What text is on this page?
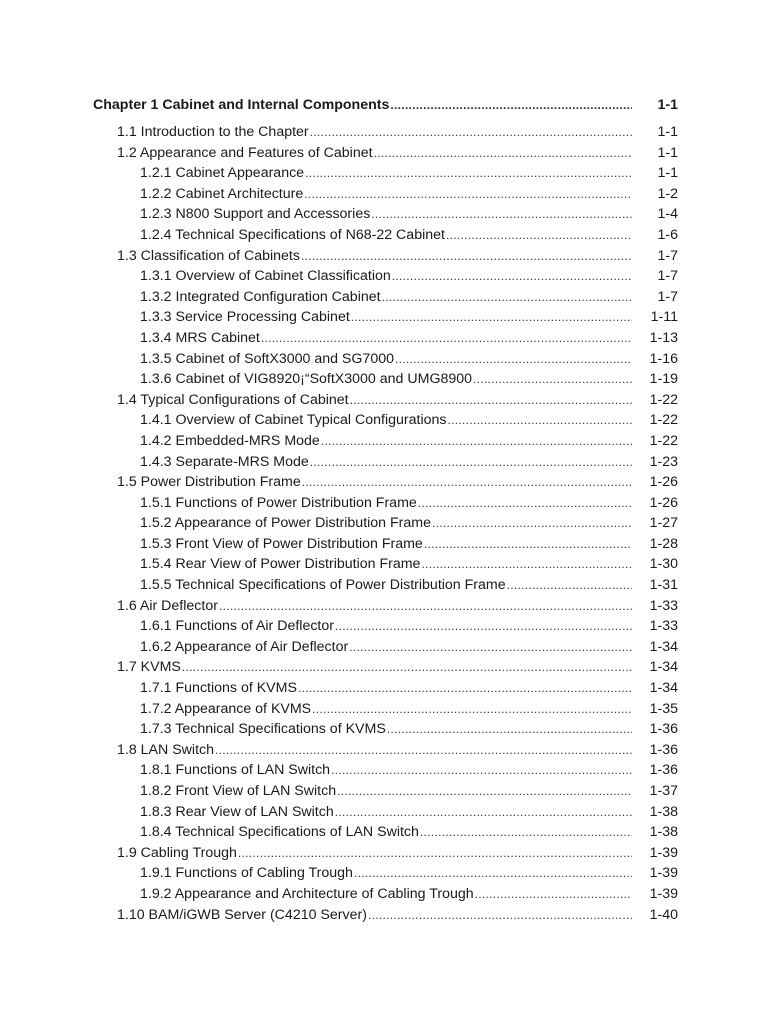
Chapter 1 Cabinet and Internal Components .....	1-1
1.1 Introduction to the Chapter .....	1-1
1.2 Appearance and Features of Cabinet .....	1-1
1.2.1 Cabinet Appearance .....	1-1
1.2.2 Cabinet Architecture .....	1-2
1.2.3 N800 Support and Accessories .....	1-4
1.2.4 Technical Specifications of N68-22 Cabinet .....	1-6
1.3 Classification of Cabinets .....	1-7
1.3.1 Overview of Cabinet Classification .....	1-7
1.3.2 Integrated Configuration Cabinet .....	1-7
1.3.3 Service Processing Cabinet .....	1-11
1.3.4 MRS Cabinet .....	1-13
1.3.5 Cabinet of SoftX3000 and SG7000 .....	1-16
1.3.6 Cabinet of VIG8920¡“SoftX3000 and UMG8900 .....	1-19
1.4 Typical Configurations of Cabinet .....	1-22
1.4.1 Overview of Cabinet Typical Configurations .....	1-22
1.4.2 Embedded-MRS Mode .....	1-22
1.4.3 Separate-MRS Mode .....	1-23
1.5 Power Distribution Frame .....	1-26
1.5.1 Functions of Power Distribution Frame .....	1-26
1.5.2 Appearance of Power Distribution Frame .....	1-27
1.5.3 Front View of Power Distribution Frame .....	1-28
1.5.4 Rear View of Power Distribution Frame .....	1-30
1.5.5 Technical Specifications of Power Distribution Frame .....	1-31
1.6 Air Deflector .....	1-33
1.6.1 Functions of Air Deflector .....	1-33
1.6.2 Appearance of Air Deflector .....	1-34
1.7 KVMS .....	1-34
1.7.1 Functions of KVMS .....	1-34
1.7.2 Appearance of KVMS .....	1-35
1.7.3 Technical Specifications of KVMS .....	1-36
1.8 LAN Switch .....	1-36
1.8.1 Functions of LAN Switch .....	1-36
1.8.2 Front View of LAN Switch .....	1-37
1.8.3 Rear View of LAN Switch .....	1-38
1.8.4 Technical Specifications of LAN Switch .....	1-38
1.9 Cabling Trough .....	1-39
1.9.1 Functions of Cabling Trough .....	1-39
1.9.2 Appearance and Architecture of Cabling Trough .....	1-39
1.10 BAM/iGWB Server (C4210 Server) .....	1-40
